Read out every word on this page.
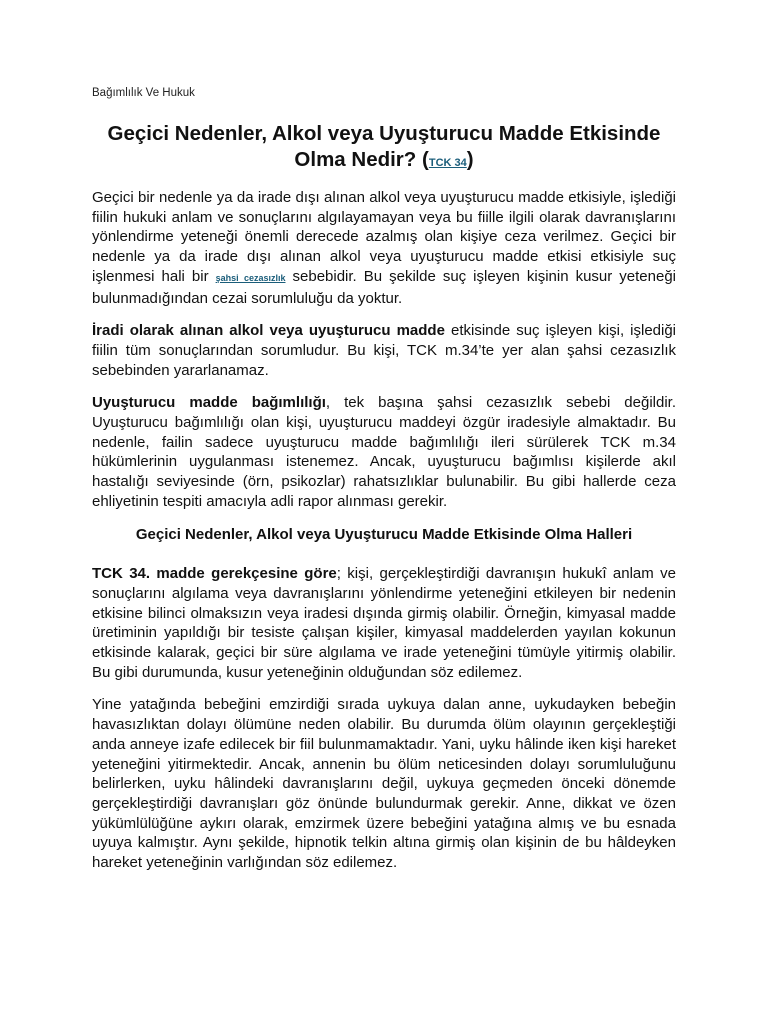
Bağımlılık Ve Hukuk
Geçici Nedenler, Alkol veya Uyuşturucu Madde Etkisinde Olma Nedir? (TCK 34)

Geçici bir nedenle ya da irade dışı alınan alkol veya uyuşturucu madde etkisiyle, işlediği fiilin hukuki anlam ve sonuçlarını algılayamayan veya bu fiille ilgili olarak davranışlarını yönlendirme yeteneği önemli derecede azalmış olan kişiye ceza verilmez. Geçici bir nedenle ya da irade dışı alınan alkol veya uyuşturucu madde etkisi etkisiyle suç işlenmesi hali bir şahsi cezasızlık sebebidir. Bu şekilde suç işleyen kişinin kusur yeteneği bulunmadığından cezai sorumluluğu da yoktur.

İradi olarak alınan alkol veya uyuşturucu madde etkisinde suç işleyen kişi, işlediği fiilin tüm sonuçlarından sorumludur. Bu kişi, TCK m.34’te yer alan şahsi cezasızlık sebebinden yararlanamaz.

Uyuşturucu madde bağımlılığı, tek başına şahsi cezasızlık sebebi değildir. Uyuşturucu bağımlılığı olan kişi, uyuşturucu maddeyi özgür iradesiyle almaktadır. Bu nedenle, failin sadece uyuşturucu madde bağımlılığı ileri sürülerek TCK m.34 hükümlerinin uygulanması istenemez. Ancak, uyuşturucu bağımlısı kişilerde akıl hastalığı seviyesinde (örn, psikozlar) rahatsızlıklar bulunabilir. Bu gibi hallerde ceza ehliyetinin tespiti amacıyla adli rapor alınması gerekir.

Geçici Nedenler, Alkol veya Uyuşturucu Madde Etkisinde Olma Halleri

TCK 34. madde gerekçesine göre; kişi, gerçekleştirdiği davranışın hukukî anlam ve sonuçlarını algılama veya davranışlarını yönlendirme yeteneğini etkileyen bir nedenin etkisine bilinci olmaksızın veya iradesi dışında girmiş olabilir. Örneğin, kimyasal madde üretiminin yapıldığı bir tesiste çalışan kişiler, kimyasal maddelerden yayılan kokunun etkisinde kalarak, geçici bir süre algılama ve irade yeteneğini tümüyle yitirmiş olabilir. Bu gibi durumunda, kusur yeteneğinin olduğundan söz edilemez.

Yine yatağında bebeğini emzirdiği sırada uykuya dalan anne, uykudayken bebeğin havasızlıktan dolayı ölümüne neden olabilir. Bu durumda ölüm olayının gerçekleştiği anda anneye izafe edilecek bir fiil bulunmamaktadır. Yani, uyku hâlinde iken kişi hareket yeteneğini yitirmektedir. Ancak, annenin bu ölüm neticesinden dolayı sorumluluğunu belirlerken, uyku hâlindeki davranışlarını değil, uykuya geçmeden önceki dönemde gerçekleştirdiği davranışları göz önünde bulundurmak gerekir. Anne, dikkat ve özen yükümlülüğüne aykırı olarak, emzirmek üzere bebeğini yatağına almış ve bu esnada uyuya kalmıştır. Aynı şekilde, hipnotik telkin altına girmiş olan kişinin de bu hâldeyken hareket yeteneğinin varlığından söz edilemez.
